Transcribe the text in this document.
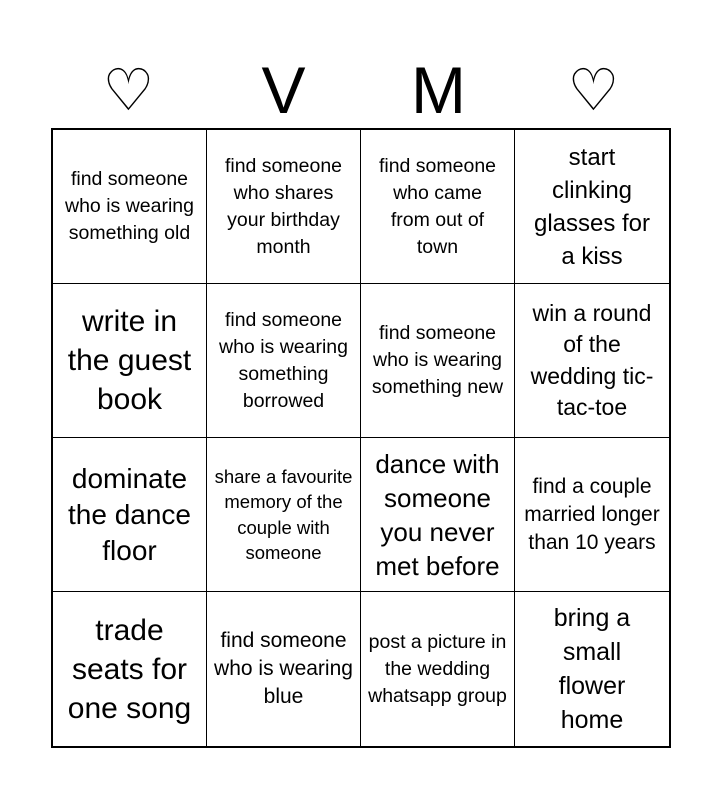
♡	V	M	♡
find someone who is wearing something old
find someone who shares your birthday month
find someone who came from out of town
start clinking glasses for a kiss
write in the guest book
find someone who is wearing something borrowed
find someone who is wearing something new
win a round of the wedding tic-tac-toe
dominate the dance floor
share a favourite memory of the couple with someone
dance with someone you never met before
find a couple married longer than 10 years
trade seats for one song
find someone who is wearing blue
post a picture in the wedding whatsapp group
bring a small flower home
